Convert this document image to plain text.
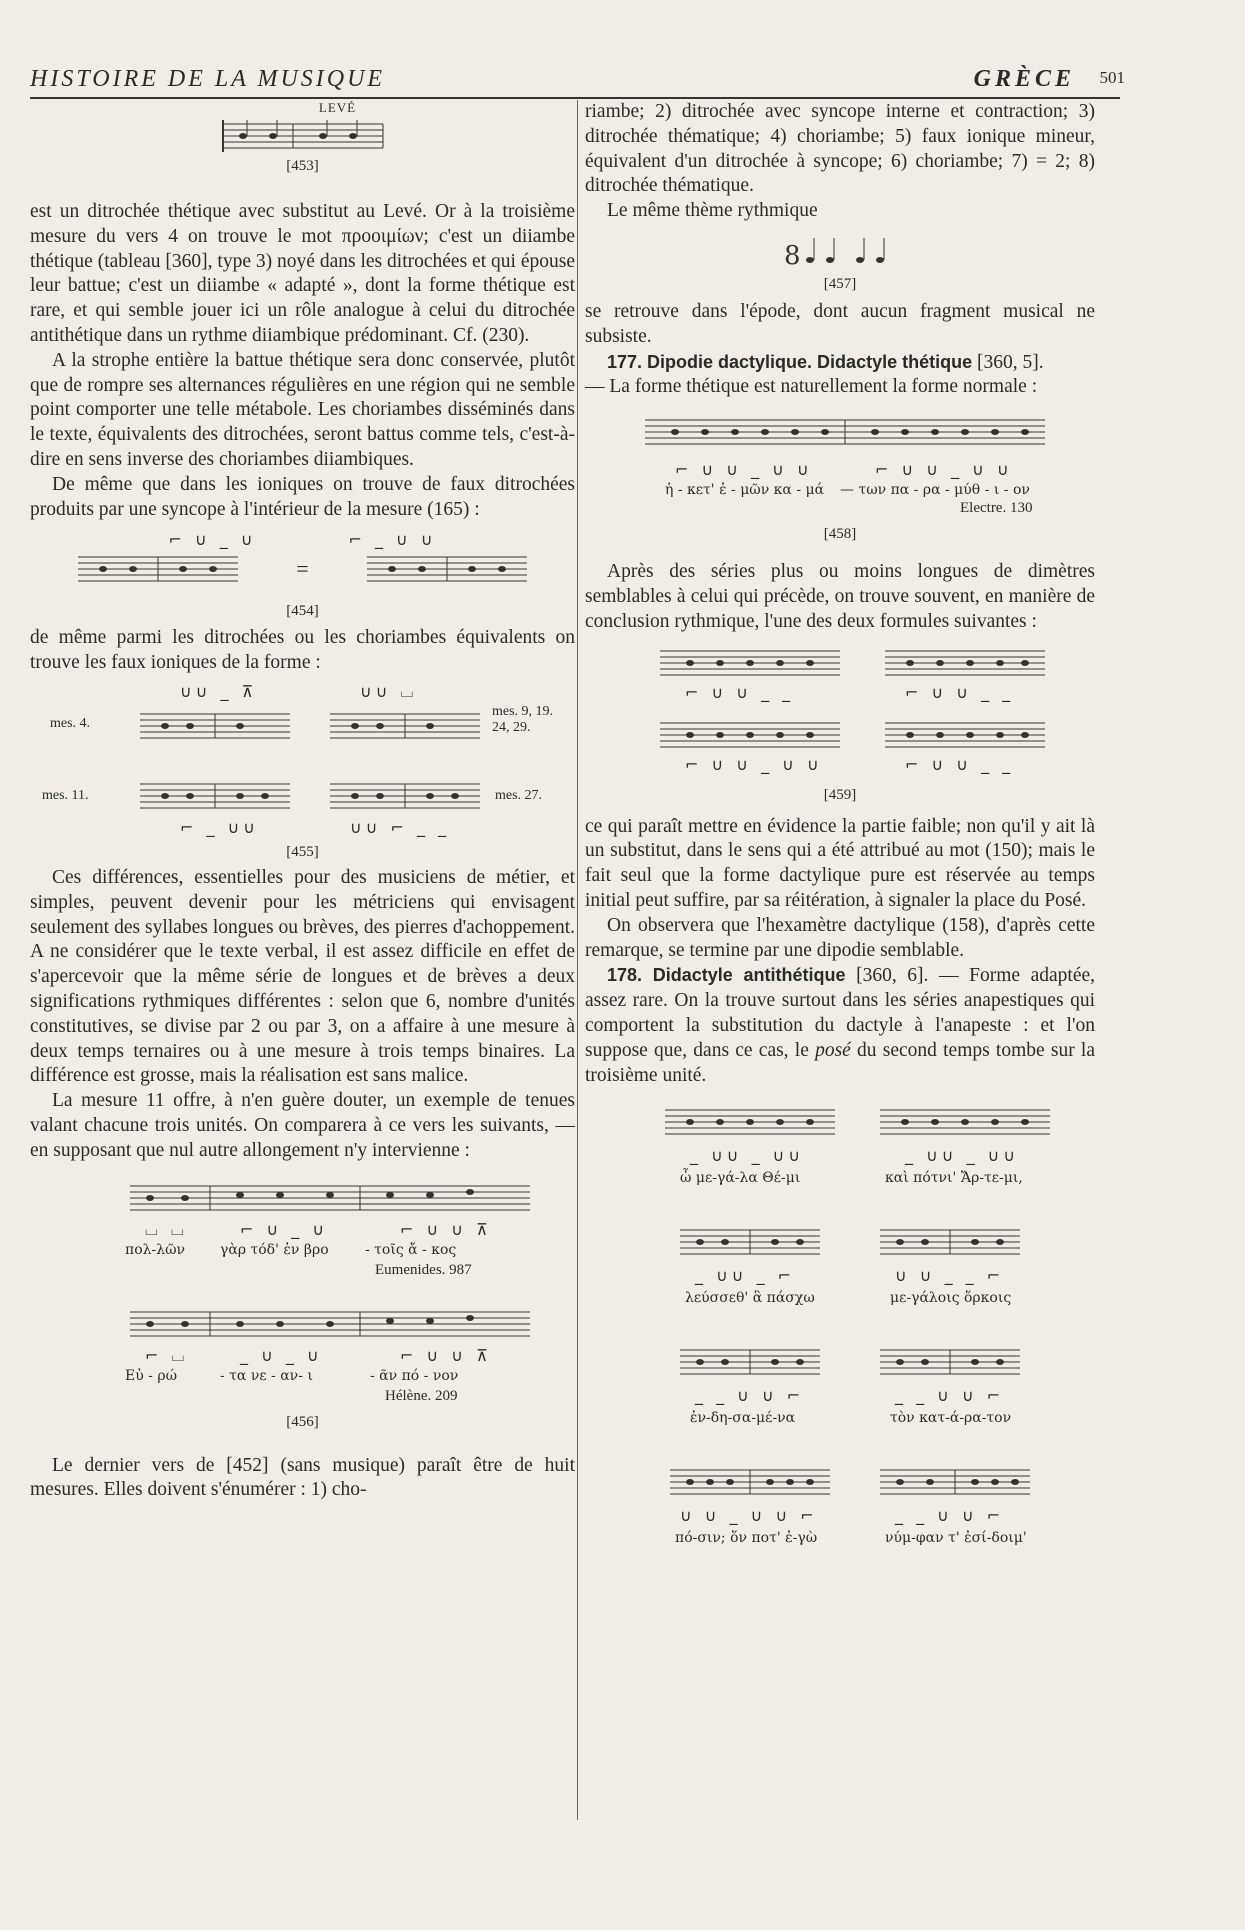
HISTOIRE DE LA MUSIQUE	GRÈCE 501
LEVÉ
[453]

est un ditrochée thétique avec substitut au Levé. Or à la troisième mesure du vers 4 on trouve le mot προοιμίων; c'est un diiambe thétique (tableau [360], type 3) noyé dans les ditrochées et qui épouse leur battue; c'est un diiambe « adapté », dont la forme thétique est rare, et qui semble jouer ici un rôle analogue à celui du ditrochée antithétique dans un rythme diiambique prédominant. Cf. (230).

A la strophe entière la battue thétique sera donc conservée, plutôt que de rompre ses alternances régulières en une région qui ne semble point comporter une telle métabole. Les choriambes disséminés dans le texte, équivalents des ditrochées, seront battus comme tels, c'est-à-dire en sens inverse des choriambes diiambiques.

De même que dans les ioniques on trouve de faux ditrochées produits par une syncope à l'intérieur de la mesure (165) :

⌐ ∪ _ ∪	⌐ _ ∪ ∪
=
[454]

de même parmi les ditrochées ou les choriambes équivalents on trouve les faux ioniques de la forme :

∪∪ _ ⊼	∪∪ ⌴
mes. 4.
mes. 9, 19. 24, 29.
mes. 11.	mes. 27.
⌐ _ ∪∪	∪∪ ⌐ _ _
[455]

Ces différences, essentielles pour des musiciens de métier, et simples, peuvent devenir pour les métriciens qui envisagent seulement des syllabes longues ou brèves, des pierres d'achoppement. A ne considérer que le texte verbal, il est assez difficile en effet de s'apercevoir que la même série de longues et de brèves a deux significations rythmiques différentes : selon que 6, nombre d'unités constitutives, se divise par 2 ou par 3, on a affaire à une mesure à deux temps ternaires ou à une mesure à trois temps binaires. La différence est grosse, mais la réalisation est sans malice.

La mesure 11 offre, à n'en guère douter, un exemple de tenues valant chacune trois unités. On comparera à ce vers les suivants, — en supposant que nul autre allongement n'y intervienne :

⌴ ⌴	⌐ ∪ _ ∪	⌐ ∪ ∪ ⊼
πολ-λῶν γὰρ τόδ' ἐν βρο	- τοῖς ἄ - κος
Eumenides. 987
⌐ ⌴	_ ∪ _ ∪	⌐ ∪ ∪ ⊼
Εὐ - ρώ	- τα νε - αν- ι	- ᾶν πό - νον
Hélène. 209
[456]

Le dernier vers de [452] (sans musique) paraît être de huit mesures. Elles doivent s'énumérer : 1) cho-

riambe; 2) ditrochée avec syncope interne et contraction; 3) ditrochée thématique; 4) choriambe; 5) faux ionique mineur, équivalent d'un ditrochée à syncope; 6) choriambe; 7) = 2; 8) ditrochée thématique.

Le même thème rythmique

8
[457]

se retrouve dans l'épode, dont aucun fragment musical ne subsiste.

177. Dipodie dactylique. Didactyle thétique [360, 5].

— La forme thétique est naturellement la forme normale :

⌐ ∪ ∪ _ ∪ ∪	⌐ ∪ ∪ _ ∪ ∪
ἡ - κετ' ἐ - μῶν κα - μά — των πα - ρα - μύθ - ι - ον
Electre. 130
[458]

Après des séries plus ou moins longues de dimètres semblables à celui qui précède, on trouve souvent, en manière de conclusion rythmique, l'une des deux formules suivantes :

⌐ ∪ ∪ _ _	⌐ ∪ ∪ _ _
⌐ ∪ ∪ _ ∪ ∪	⌐ ∪ ∪ _ _
[459]

ce qui paraît mettre en évidence la partie faible; non qu'il y ait là un substitut, dans le sens qui a été attribué au mot (150); mais le fait seul que la forme dactylique pure est réservée au temps initial peut suffire, par sa réitération, à signaler la place du Posé.

On observera que l'hexamètre dactylique (158), d'après cette remarque, se termine par une dipodie semblable.

178. Didactyle antithétique [360, 6]. — Forme adaptée, assez rare. On la trouve surtout dans les séries anapestiques qui comportent la substitution du dactyle à l'anapeste : et l'on suppose que, dans ce cas, le posé du second temps tombe sur la troisième unité.

_ ∪∪ _ ∪∪	_ ∪∪ _ ∪∪
ὦ με-γά-λα Θέ-μι	καὶ πότνι' Ἄρ-τε-μι,
_ ∪∪ _ ⌐	∪ ∪ _ _ ⌐
λεύσσεθ' ἃ πάσχω	με-γάλοις ὅρκοις
_ _ ∪ ∪ ⌐	_ _ ∪ ∪ ⌐
ἐν-δη-σα-μέ-να	τὸν κατ-ά-ρα-τον
∪ ∪ _ ∪ ∪ ⌐	_ _ ∪ ∪ ⌐
πό-σιν; ὅν ποτ' ἐ-γὼ	νύμ-φαν τ' ἐσί-δοιμ'
